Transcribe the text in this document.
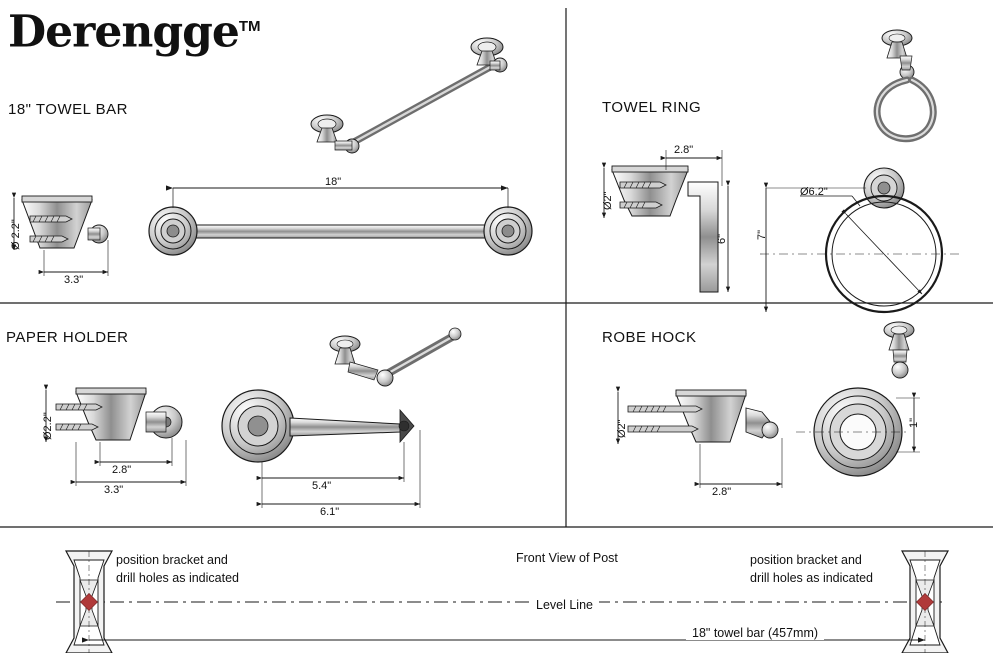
Derengge™
18" TOWEL BAR	TOWEL RING
PAPER HOLDER	ROBE HOCK
18"
Ø 2.2"
3.3"
Ø2"
2.8"
6"	7"
Ø6.2"
Ø2.2"
2.8"
3.3"	5.4"
6.1"
Ø2"
2.8"
1"
position bracket and
drill holes as indicated
position bracket and
drill holes as indicated
Front View of Post
Level Line
18" towel bar (457mm)
